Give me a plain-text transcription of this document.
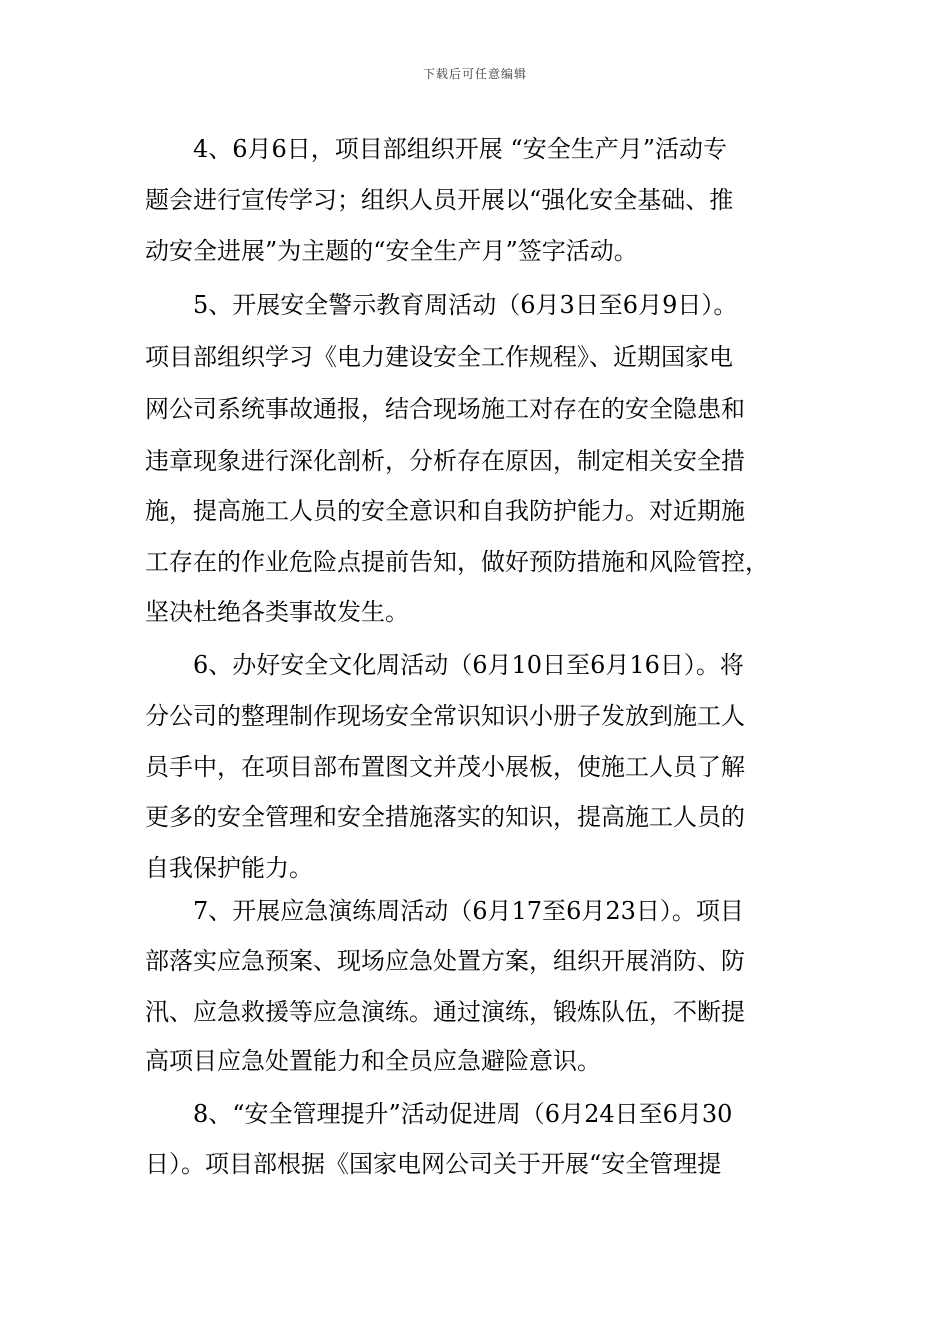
下载后可任意编辑
　　4、6月6日，项目部组织开展 “安全生产月”活动专
题会进行宣传学习；组织人员开展以“强化安全基础、推
动安全进展”为主题的“安全生产月”签字活动。
　　5、开展安全警示教育周活动（6月3日至6月9日）。
项目部组织学习《电力建设安全工作规程》、近期国家电
网公司系统事故通报，结合现场施工对存在的安全隐患和
违章现象进行深化剖析，分析存在原因，制定相关安全措
施，提高施工人员的安全意识和自我防护能力。对近期施
工存在的作业危险点提前告知，做好预防措施和风险管控，
坚决杜绝各类事故发生。
　　6、办好安全文化周活动（6月10日至6月16日）。将
分公司的整理制作现场安全常识知识小册子发放到施工人
员手中，在项目部布置图文并茂小展板，使施工人员了解
更多的安全管理和安全措施落实的知识，提高施工人员的
自我保护能力。
　　7、开展应急演练周活动（6月17至6月23日）。项目
部落实应急预案、现场应急处置方案，组织开展消防、防
汛、应急救援等应急演练。通过演练，锻炼队伍，不断提
高项目应急处置能力和全员应急避险意识。
　　8、“安全管理提升”活动促进周（6月24日至6月30
日）。项目部根据《国家电网公司关于开展“安全管理提
